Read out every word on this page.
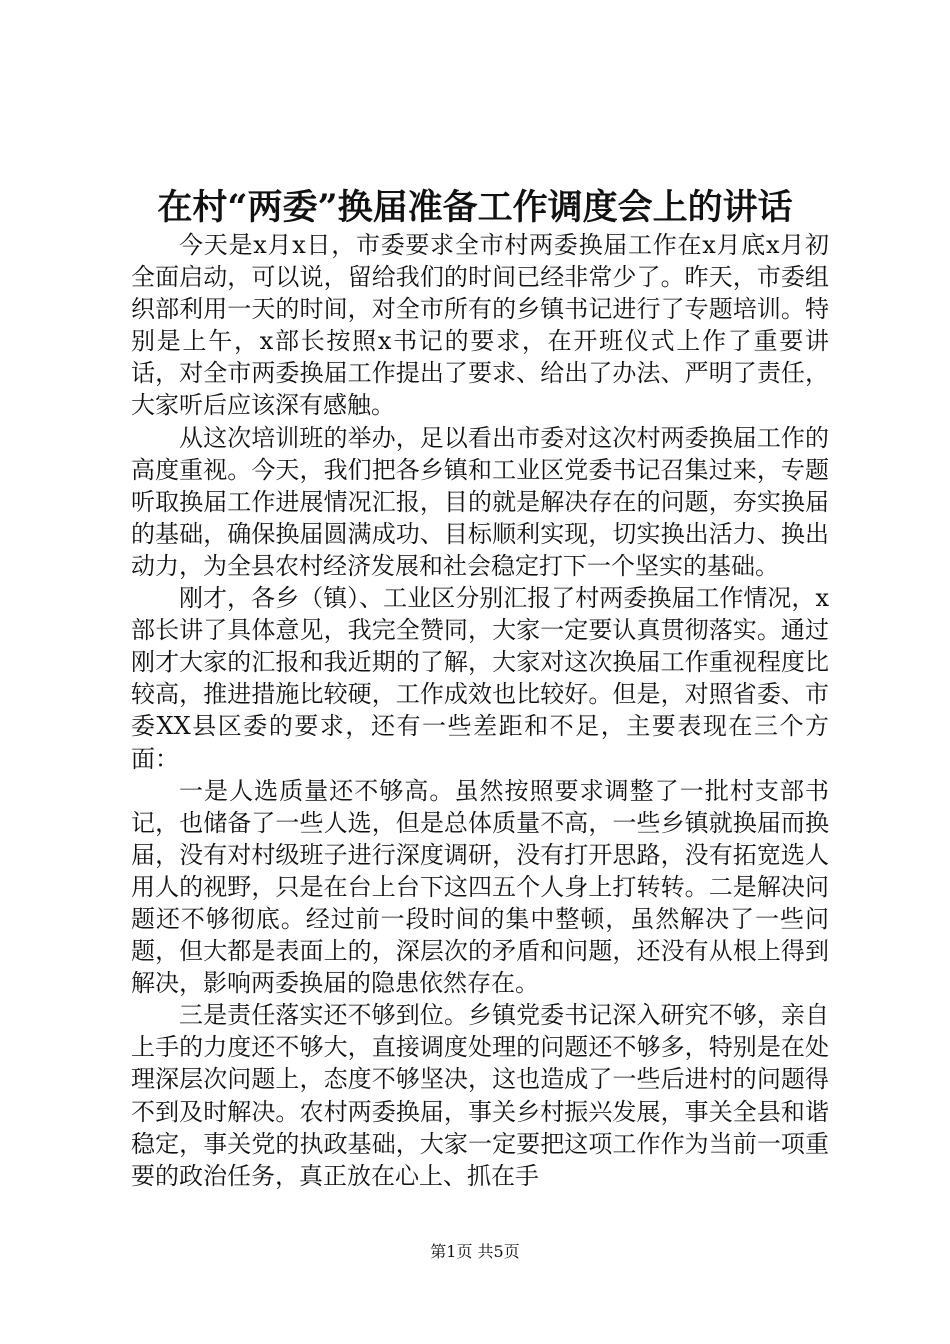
在村“两委”换届准备工作调度会上的讲话

今天是x月x日，市委要求全市村两委换届工作在x月底x月初全面启动，可以说，留给我们的时间已经非常少了。昨天，市委组织部利用一天的时间，对全市所有的乡镇书记进行了专题培训。特别是上午，x部长按照x书记的要求，在开班仪式上作了重要讲话，对全市两委换届工作提出了要求、给出了办法、严明了责任，大家听后应该深有感触。

从这次培训班的举办，足以看出市委对这次村两委换届工作的高度重视。今天，我们把各乡镇和工业区党委书记召集过来，专题听取换届工作进展情况汇报，目的就是解决存在的问题，夯实换届的基础，确保换届圆满成功、目标顺利实现，切实换出活力、换出动力，为全县农村经济发展和社会稳定打下一个坚实的基础。

刚才，各乡（镇）、工业区分别汇报了村两委换届工作情况，x部长讲了具体意见，我完全赞同，大家一定要认真贯彻落实。通过刚才大家的汇报和我近期的了解，大家对这次换届工作重视程度比较高，推进措施比较硬，工作成效也比较好。但是，对照省委、市委XX县区委的要求，还有一些差距和不足，主要表现在三个方面：

一是人选质量还不够高。虽然按照要求调整了一批村支部书记，也储备了一些人选，但是总体质量不高，一些乡镇就换届而换届，没有对村级班子进行深度调研，没有打开思路，没有拓宽选人用人的视野，只是在台上台下这四五个人身上打转转。二是解决问题还不够彻底。经过前一段时间的集中整顿，虽然解决了一些问题，但大都是表面上的，深层次的矛盾和问题，还没有从根上得到解决，影响两委换届的隐患依然存在。

三是责任落实还不够到位。乡镇党委书记深入研究不够，亲自上手的力度还不够大，直接调度处理的问题还不够多，特别是在处理深层次问题上，态度不够坚决，这也造成了一些后进村的问题得不到及时解决。农村两委换届，事关乡村振兴发展，事关全县和谐稳定，事关党的执政基础，大家一定要把这项工作作为当前一项重要的政治任务，真正放在心上、抓在手

第1页 共5页
